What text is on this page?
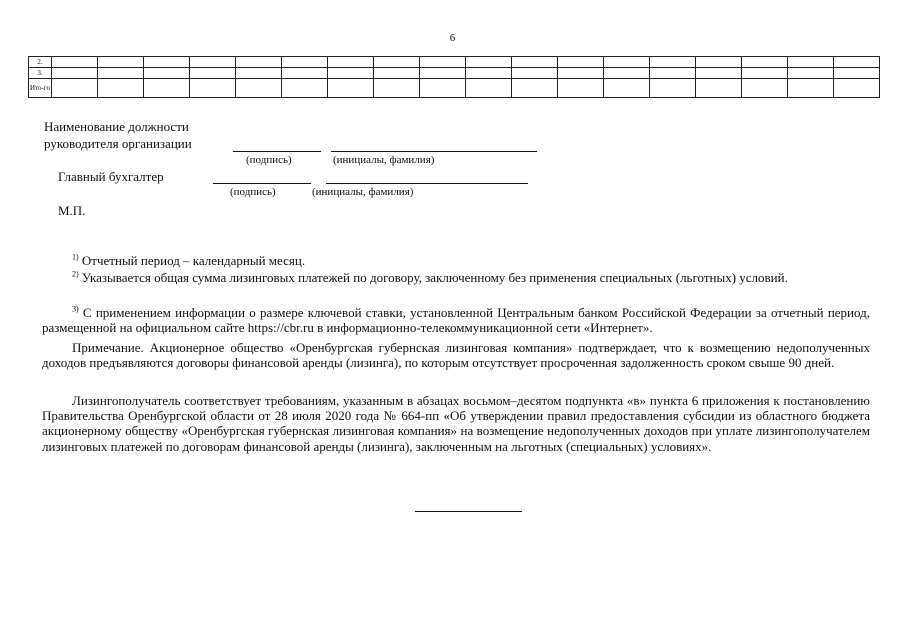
6
2.																		
3.																		
Ито-го																		
Наименование должности
руководителя организации
(подпись)	(инициалы, фамилия)
Главный бухгалтер
(подпись)	(инициалы, фамилия)
М.П.
$^{1)}$ Отчетный период – календарный месяц.
$^{2)}$ Указывается общая сумма лизинговых платежей по договору, заключенному без применения специальных (льготных) условий.
$^{3)}$ С применением информации о размере ключевой ставки, установленной Центральным банком Российской Федерации за отчетный период, размещенной на официальном сайте https://cbr.ru в информационно-телекоммуникационной сети «Интернет».
Примечание. Акционерное общество «Оренбургская губернская лизинговая компания» подтверждает, что к возмещению недополученных доходов предъявляются договоры финансовой аренды (лизинга), по которым отсутствует просроченная задолженность сроком свыше 90 дней.
Лизингополучатель соответствует требованиям, указанным в абзацах восьмом–десятом подпункта «в» пункта 6 приложения к постановлению Правительства Оренбургской области от 28 июля 2020 года № 664-пп «Об утверждении правил предоставления субсидии из областного бюджета акционерному обществу «Оренбургская губернская лизинговая компания» на возмещение недополученных доходов при уплате лизингополучателем лизинговых платежей по договорам финансовой аренды (лизинга), заключенным на льготных (специальных) условиях».
